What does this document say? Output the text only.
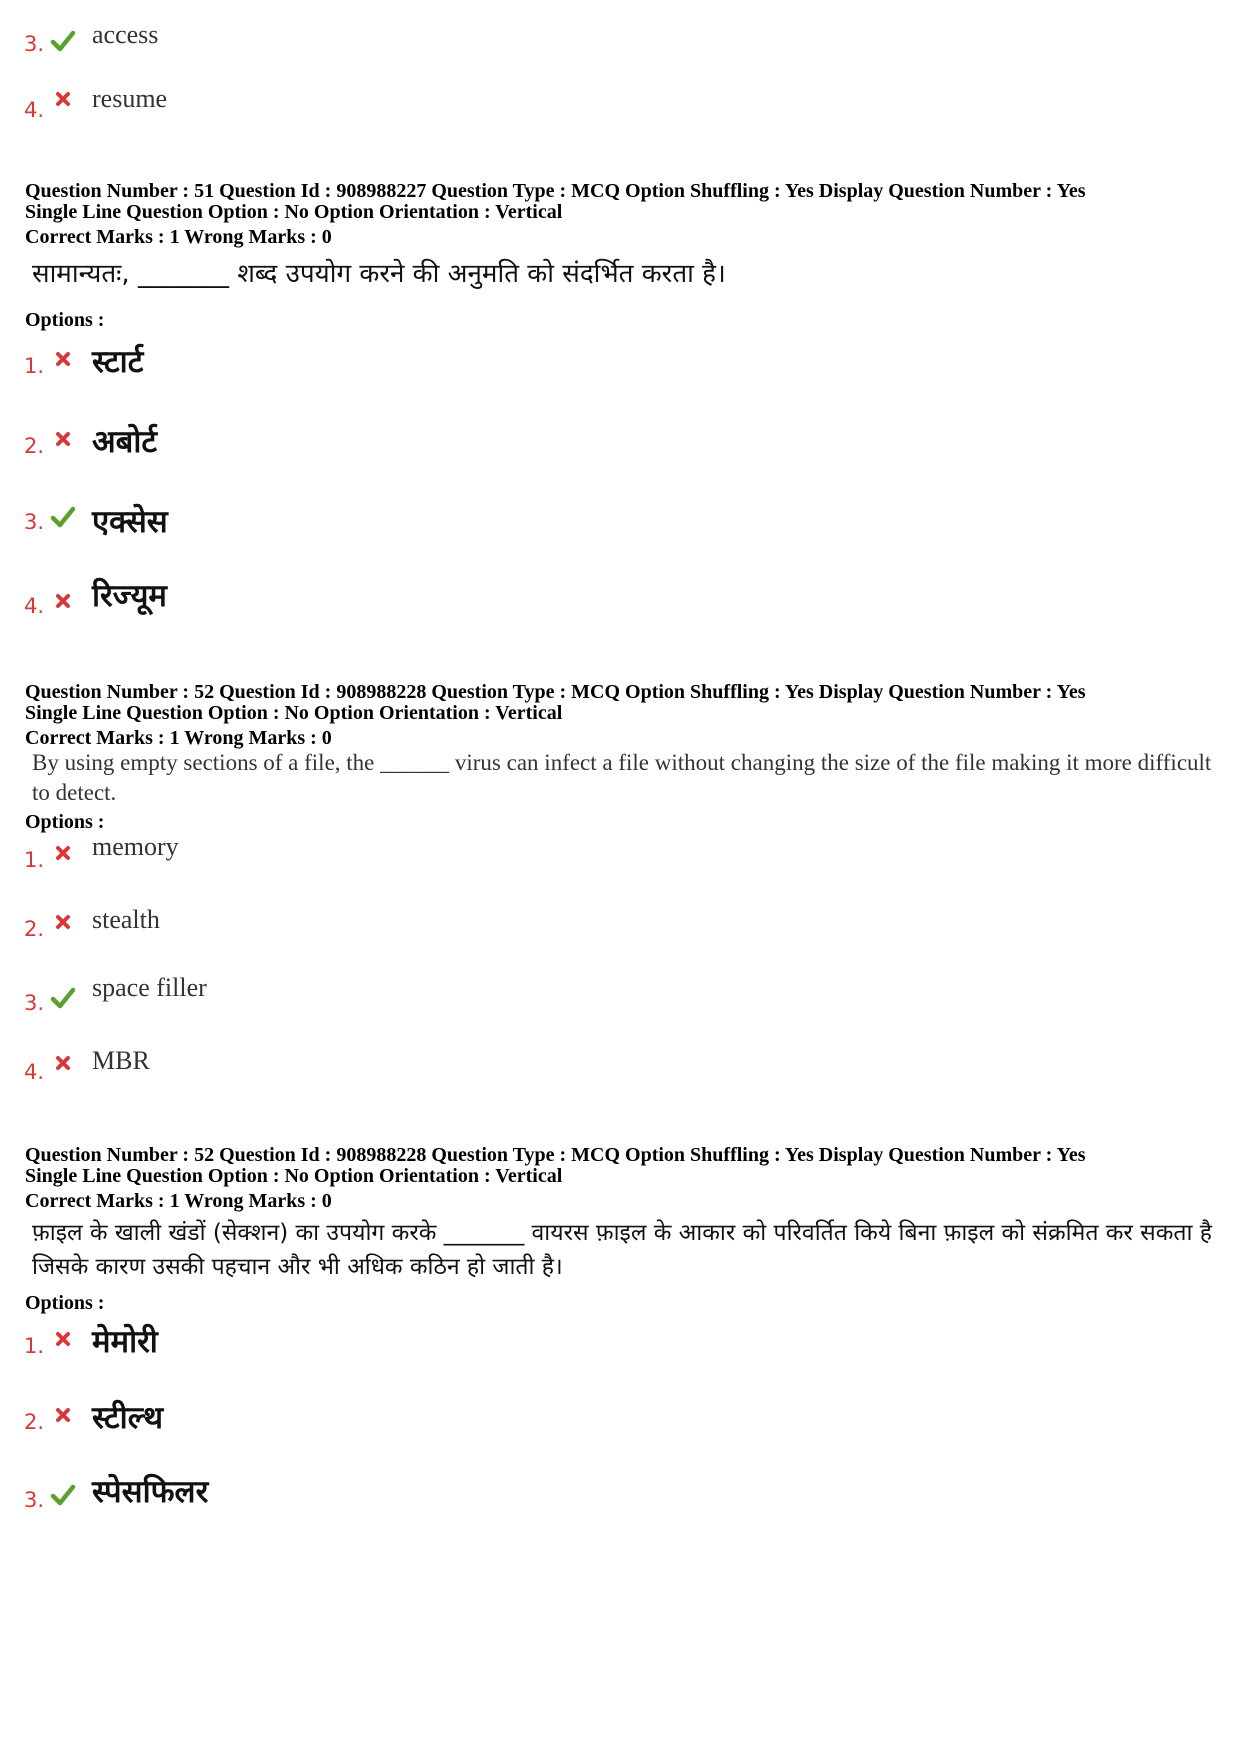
3. access
4. resume
Question Number : 51 Question Id : 908988227 Question Type : MCQ Option Shuffling : Yes Display Question Number : Yes
Single Line Question Option : No Option Orientation : Vertical
Correct Marks : 1 Wrong Marks : 0
सामान्यतः, _______ शब्द उपयोग करने की अनुमति को संदर्भित करता है।
Options :
1. स्टार्ट
2. अबोर्ट
3. एक्सेस
4. रिज्यूम
Question Number : 52 Question Id : 908988228 Question Type : MCQ Option Shuffling : Yes Display Question Number : Yes
Single Line Question Option : No Option Orientation : Vertical
Correct Marks : 1 Wrong Marks : 0
By using empty sections of a file, the ______ virus can infect a file without changing the size of the file making it more difficult to detect.
Options :
1. memory
2. stealth
3.
space filler
4. MBR
Question Number : 52 Question Id : 908988228 Question Type : MCQ Option Shuffling : Yes Display Question Number : Yes
Single Line Question Option : No Option Orientation : Vertical
Correct Marks : 1 Wrong Marks : 0
फ़ाइल के खाली खंडों (सेक्शन) का उपयोग करके _______ वायरस फ़ाइल के आकार को परिवर्तित किये बिना फ़ाइल को संक्रमित कर सकता है जिसके कारण उसकी पहचान और भी अधिक कठिन हो जाती है।
Options :
1. मेमोरी
2. स्टील्थ
3. स्पेसफिलर
